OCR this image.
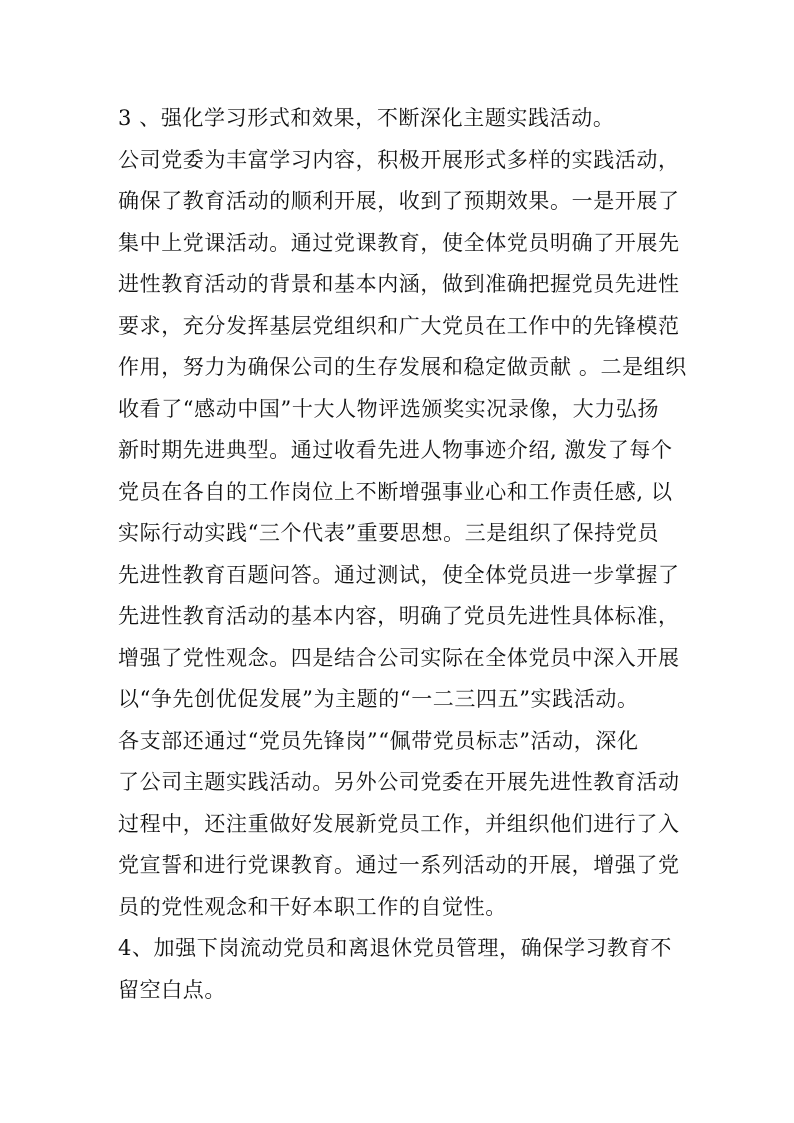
3 、强化学习形式和效果，不断深化主题实践活动。
公司党委为丰富学习内容，积极开展形式多样的实践活动，
确保了教育活动的顺利开展，收到了预期效果。一是开展了
集中上党课活动。通过党课教育，使全体党员明确了开展先
进性教育活动的背景和基本内涵，做到准确把握党员先进性
要求，充分发挥基层党组织和广大党员在工作中的先锋模范
作用，努力为确保公司的生存发展和稳定做贡献 。二是组织
收看了“感动中国”十大人物评选颁奖实况录像，大力弘扬
新时期先进典型。通过收看先进人物事迹介绍, 激发了每个
党员在各自的工作岗位上不断增强事业心和工作责任感, 以
实际行动实践“三个代表”重要思想。三是组织了保持党员
先进性教育百题问答。通过测试，使全体党员进一步掌握了
先进性教育活动的基本内容，明确了党员先进性具体标准，
增强了党性观念。四是结合公司实际在全体党员中深入开展
以“争先创优促发展”为主题的“一二三四五”实践活动。
各支部还通过“党员先锋岗”“佩带党员标志”活动，深化
了公司主题实践活动。另外公司党委在开展先进性教育活动
过程中，还注重做好发展新党员工作，并组织他们进行了入
党宣誓和进行党课教育。通过一系列活动的开展，增强了党
员的党性观念和干好本职工作的自觉性。
4、加强下岗流动党员和离退休党员管理，确保学习教育不
留空白点。
